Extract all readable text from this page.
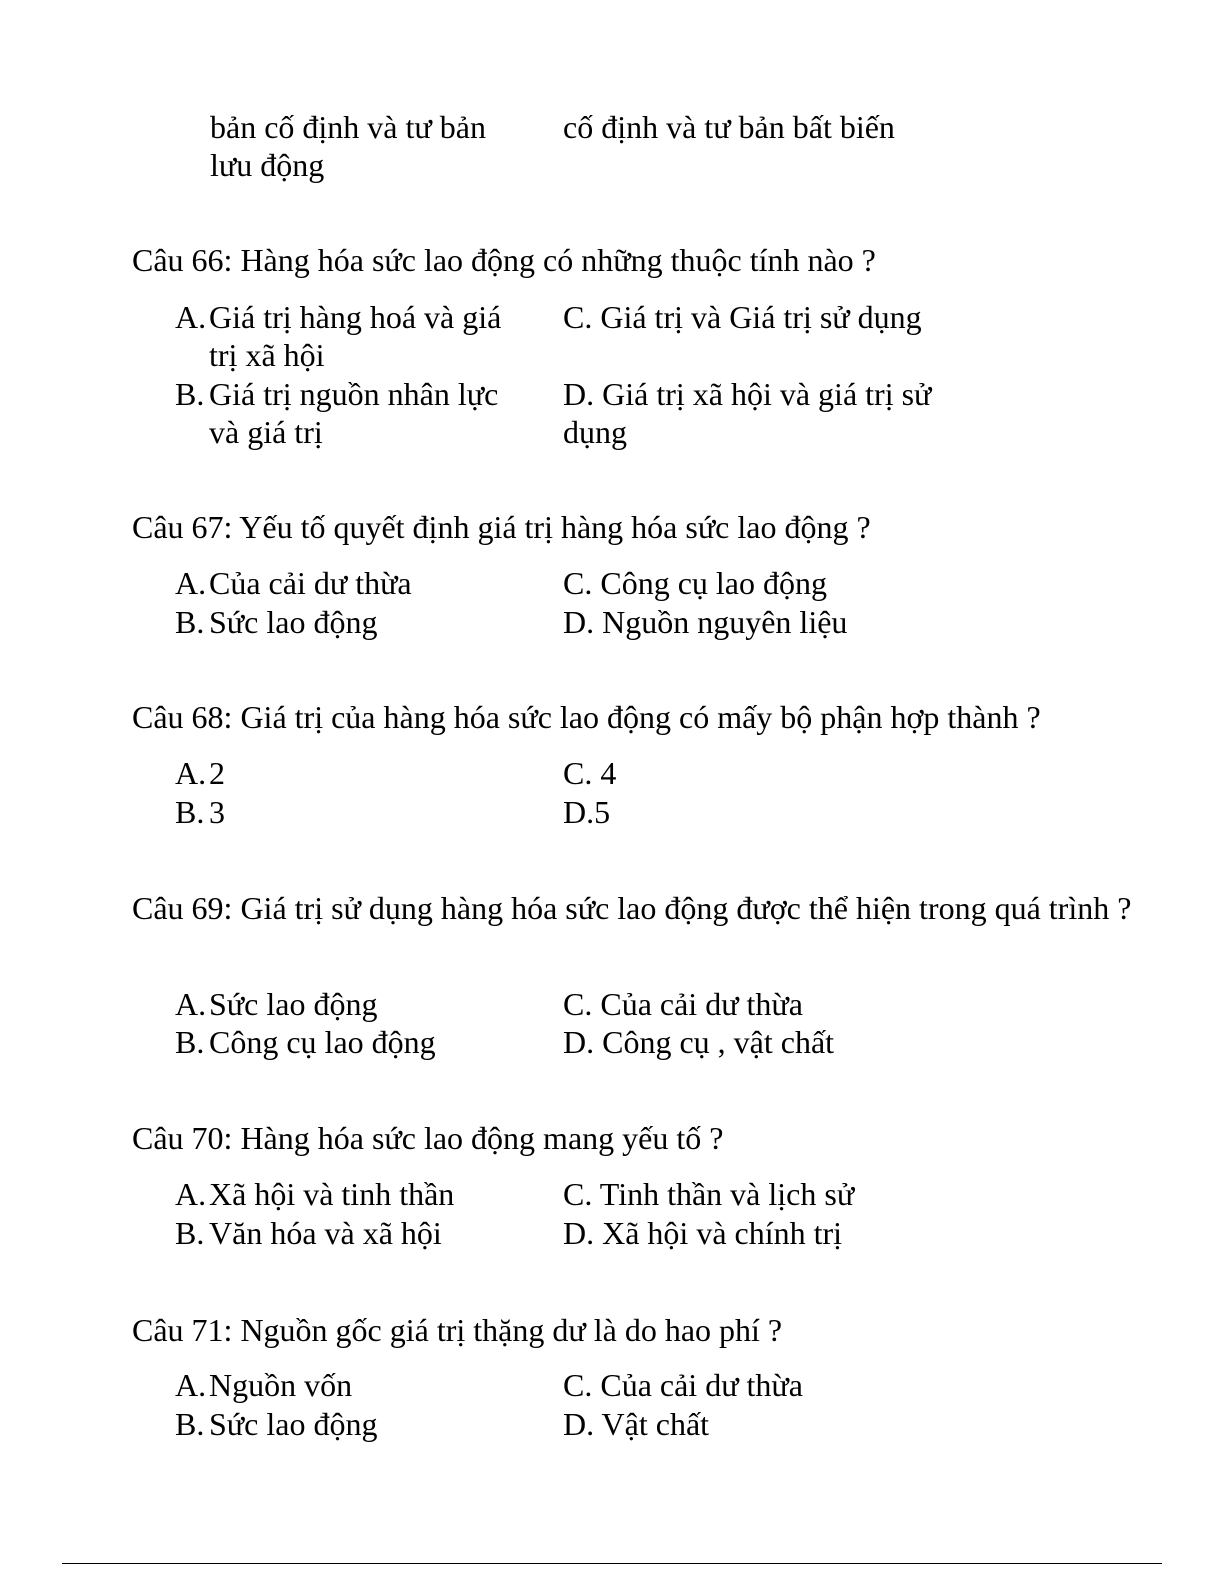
bản cố định và tư bản lưu động
cố định và tư bản bất biến
Câu 66: Hàng hóa sức lao động có những thuộc tính nào ?
A. Giá trị hàng hoá và giá trị xã hội
B. Giá trị nguồn nhân lực và giá trị
C. Giá trị và Giá trị sử dụng
D. Giá trị xã hội và giá trị sử dụng
Câu 67: Yếu tố quyết định giá trị hàng hóa sức lao động ?
A. Của cải dư thừa
B. Sức lao động
C. Công cụ lao động
D. Nguồn nguyên liệu
Câu 68: Giá trị của hàng hóa sức lao động có mấy bộ phận hợp thành ?
A. 2
B. 3
C. 4
D.5
Câu 69: Giá trị sử dụng hàng hóa sức lao động được thể hiện trong quá trình ?
A. Sức lao động
B. Công cụ lao động
C. Của cải dư thừa
D. Công cụ , vật chất
Câu 70: Hàng hóa sức lao động mang yếu tố ?
A. Xã hội và tinh thần
B. Văn hóa và xã hội
C. Tinh thần và lịch sử
D. Xã hội và chính trị
Câu 71: Nguồn gốc giá trị thặng dư là do hao phí ?
A. Nguồn vốn
B. Sức lao động
C. Của cải dư thừa
D. Vật chất
